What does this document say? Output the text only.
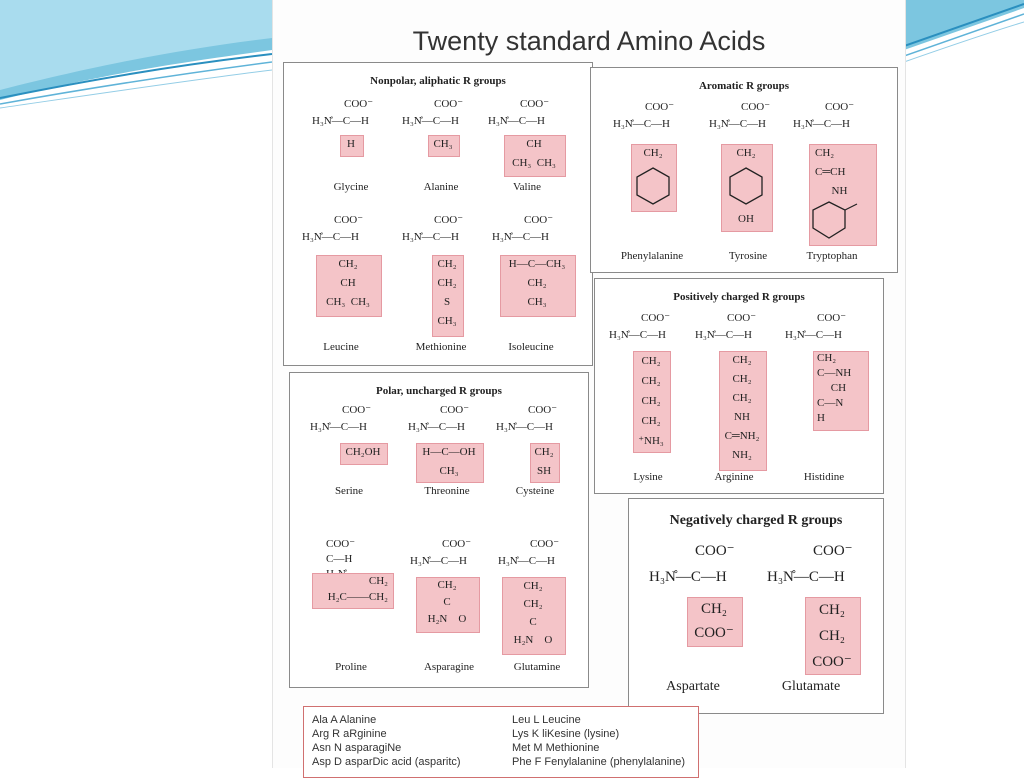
Twenty standard Amino Acids
Nonpolar, aliphatic R groups
COO⁻
H₃N̊—C—H
H
Glycine
COO⁻
H₃N̊—C—H
CH₃
Alanine
COO⁻
H₃N̊—C—H
CH
CH₃  CH₃
Valine
COO⁻
H₃N̊—C—H
CH₂
CH
CH₃  CH₃
Leucine
COO⁻
H₃N̊—C—H
CH₂
CH₂
S
CH₃
Methionine
COO⁻
H₃N̊—C—H
H—C—CH₃
CH₂
CH₃
Isoleucine
Aromatic R groups
COO⁻
H₃N̊—C—H
CH₂
Phenylalanine
COO⁻
H₃N̊—C—H
CH₂
OH
Tyrosine
COO⁻
H₃N̊—C—H
CH₂
C═CH
NH
Tryptophan
Positively charged R groups
COO⁻
H₃N̊—C—H
CH₂
CH₂
CH₂
CH₂
⁺NH₃
Lysine
COO⁻
H₃N̊—C—H
CH₂
CH₂
CH₂
NH
C═NH₂
NH₂
Arginine
COO⁻
H₃N̊—C—H
CH₂
C—NH
CH
C—N
H
Histidine
Polar, uncharged R groups
COO⁻
H₃N̊—C—H
CH₂OH
Serine
COO⁻
H₃N̊—C—H
H—C—OH
CH₃
Threonine
COO⁻
H₃N̊—C—H
CH₂
SH
Cysteine
COO⁻
C—H

CH₂
H₂C——CH₂
Proline
COO⁻
H₃N̊—C—H
CH₂
C
H₂N    O
Asparagine
COO⁻
H₃N̊—C—H
CH₂
CH₂
C
H₂N    O
Glutamine
Negatively charged R groups
COO⁻
H₃N̊—C—H
CH₂
COO⁻
Aspartate
COO⁻
H₃N̊—C—H
CH₂
CH₂
COO⁻
Glutamate
Ala A Alanine
Arg R aRginine
Asn N asparagiNe
Asp D asparDic acid (asparitc)
Leu L Leucine
Lys K liKesine (lysine)
Met M Methionine
Phe F Fenylalanine (phenylalanine)
